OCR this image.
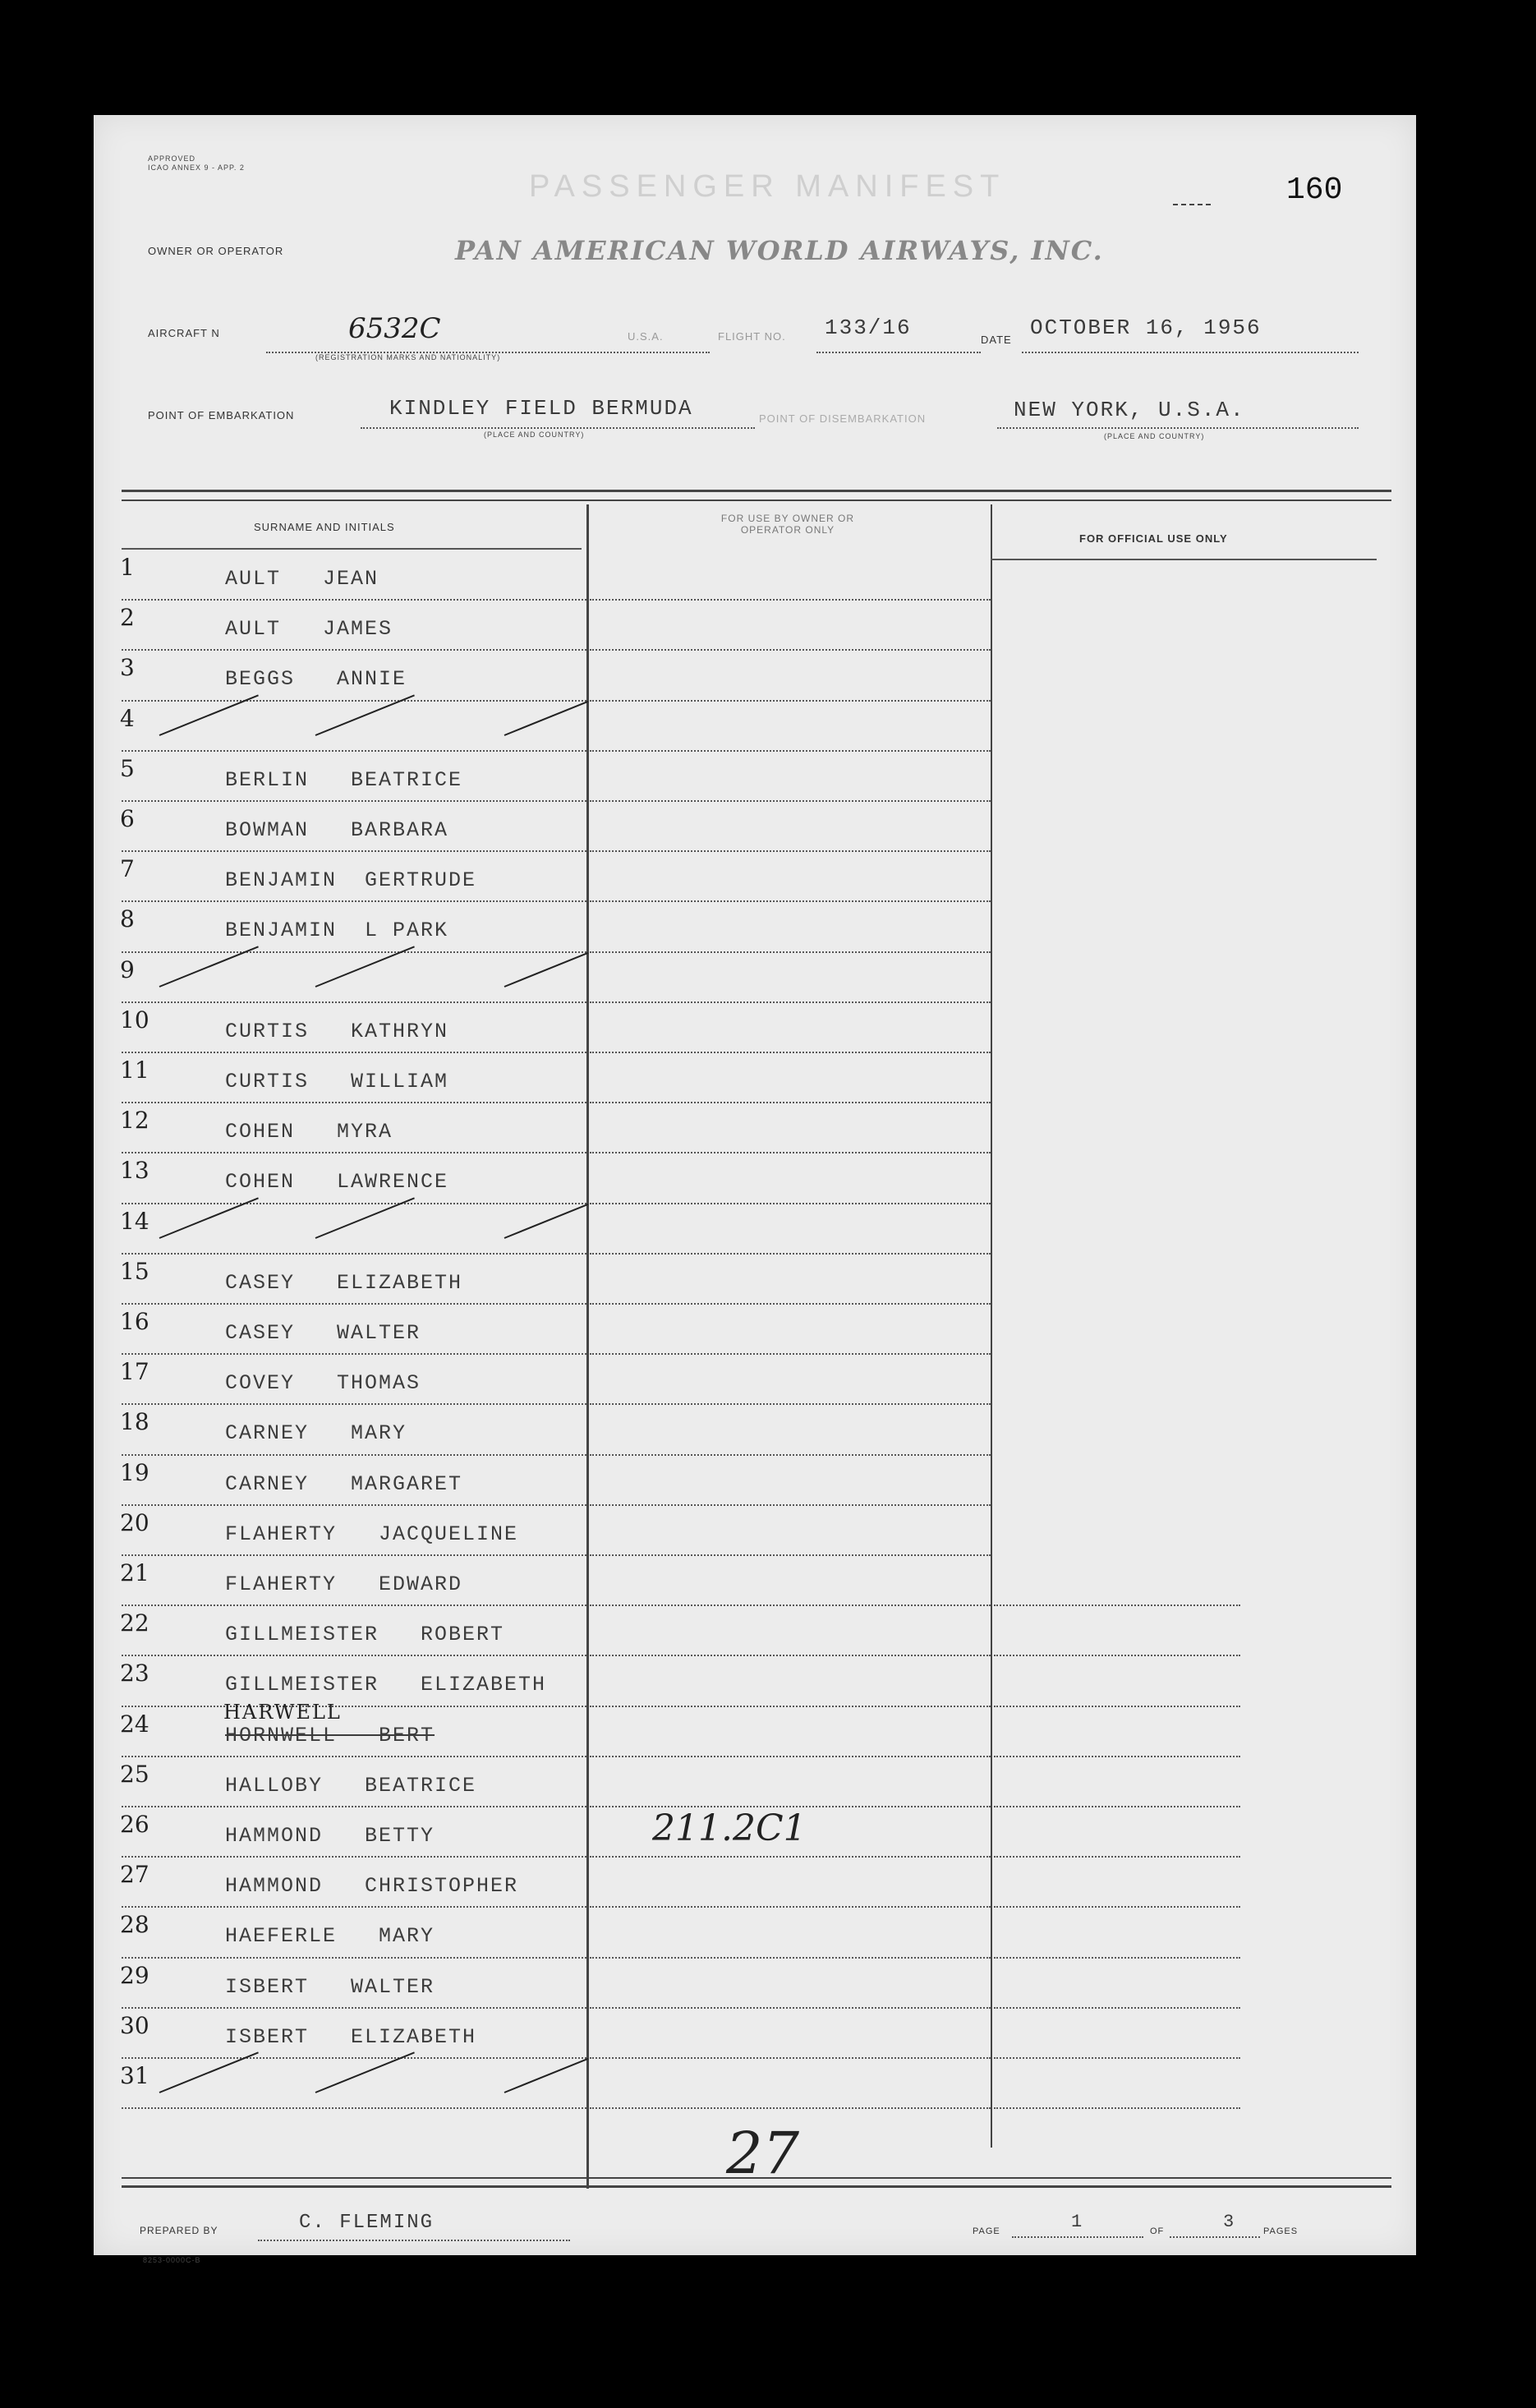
APPROVED
ICAO ANNEX 9 - APP. 2
PASSENGER MANIFEST	160
OWNER OR OPERATOR	PAN AMERICAN WORLD AIRWAYS, INC.
AIRCRAFT N	6532C
(REGISTRATION MARKS AND NATIONALITY)
U.S.A.	FLIGHT NO. 133/16	DATE OCTOBER 16, 1956
POINT OF EMBARKATION	KINDLEY FIELD BERMUDA
(PLACE AND COUNTRY)
POINT OF DISEMBARKATION	NEW YORK, U.S.A.
(PLACE AND COUNTRY)
SURNAME AND INITIALS
FOR USE BY OWNER OR OPERATOR ONLY
FOR OFFICIAL USE ONLY
1	AULT   JEAN
2	AULT   JAMES
3	BEGGS   ANNIE
4
5	BERLIN   BEATRICE
6	BOWMAN   BARBARA
7	BENJAMIN  GERTRUDE
8	BENJAMIN  L PARK
9
10	CURTIS   KATHRYN
11	CURTIS   WILLIAM
12	COHEN   MYRA
13	COHEN   LAWRENCE
14
15	CASEY   ELIZABETH
16	CASEY   WALTER
17	COVEY   THOMAS
18	CARNEY   MARY
19	CARNEY   MARGARET
20	FLAHERTY   JACQUELINE
21	FLAHERTY   EDWARD
22	GILLMEISTER   ROBERT
23	GILLMEISTER   ELIZABETH
24	HORNWELL   BERT
HARWELL
25	HALLOBY   BEATRICE
26	HAMMOND   BETTY	211.2C1
27	HAMMOND   CHRISTOPHER
28	HAEFERLE   MARY
29	ISBERT   WALTER
30	ISBERT   ELIZABETH
31
27
PREPARED BY	C. FLEMING
8253-0000C-B
PAGE	1	OF	3	PAGES
